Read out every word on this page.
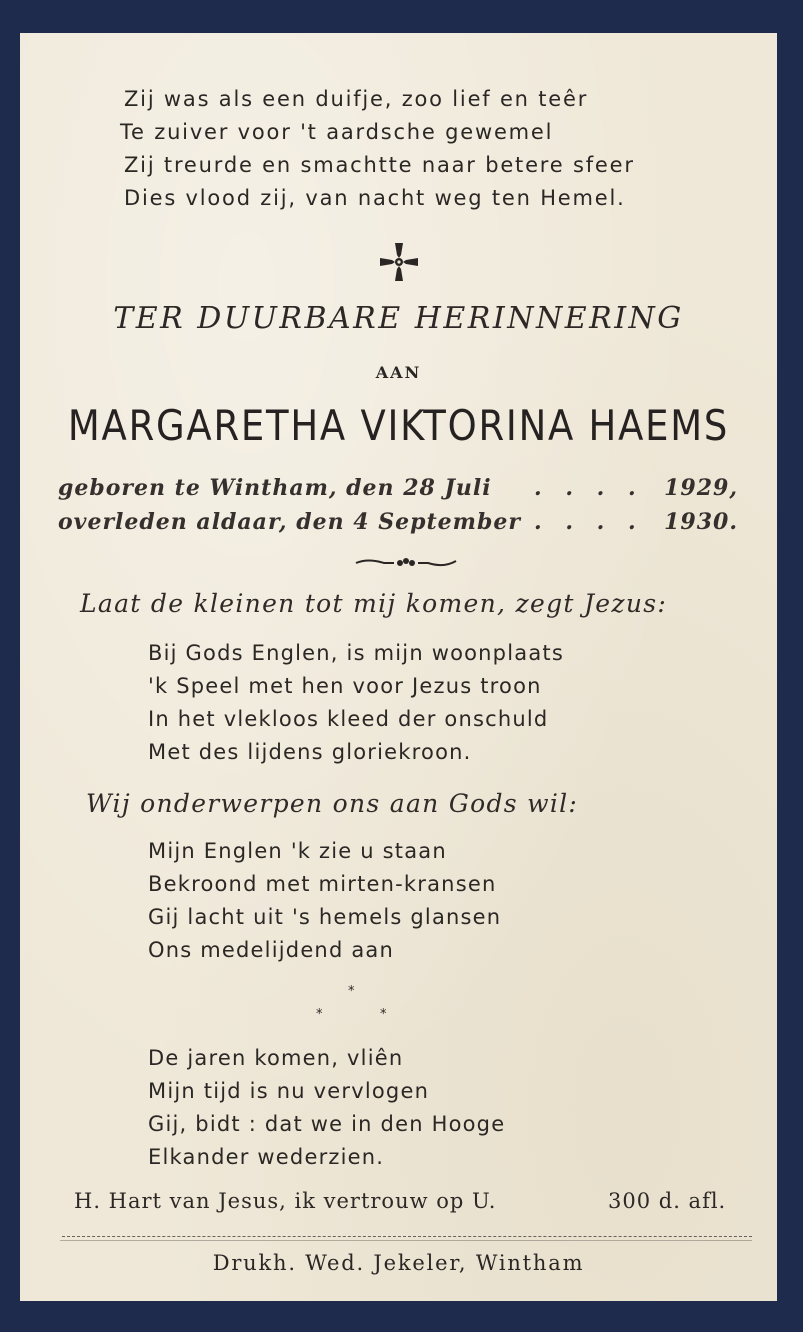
Zij was als een duifje, zoo lief en teêr
Te zuiver voor 't aardsche gewemel
Zij treurde en smachtte naar betere sfeer
Dies vlood zij, van nacht weg ten Hemel.
TER DUURBARE HERINNERING
AAN
MARGARETHA VIKTORINA HAEMS
geboren te Wintham, den 28 Juli . . . . 1929,
overleden aldaar, den 4 September . . . . 1930.
Laat de kleinen tot mij komen, zegt Jezus:
Bij Gods Englen, is mijn woonplaats
'k Speel met hen voor Jezus troon
In het vlekloos kleed der onschuld
Met des lijdens gloriekroon.
Wij onderwerpen ons aan Gods wil:
Mijn Englen 'k zie u staan
Bekroond met mirten-kransen
Gij lacht uit 's hemels glansen
Ons medelijdend aan
*
*	*
De jaren komen, vliên
Mijn tijd is nu vervlogen
Gij, bidt : dat we in den Hooge
Elkander wederzien.
H. Hart van Jesus, ik vertrouw op U.	300 d. afl.
Drukh. Wed. Jekeler, Wintham
